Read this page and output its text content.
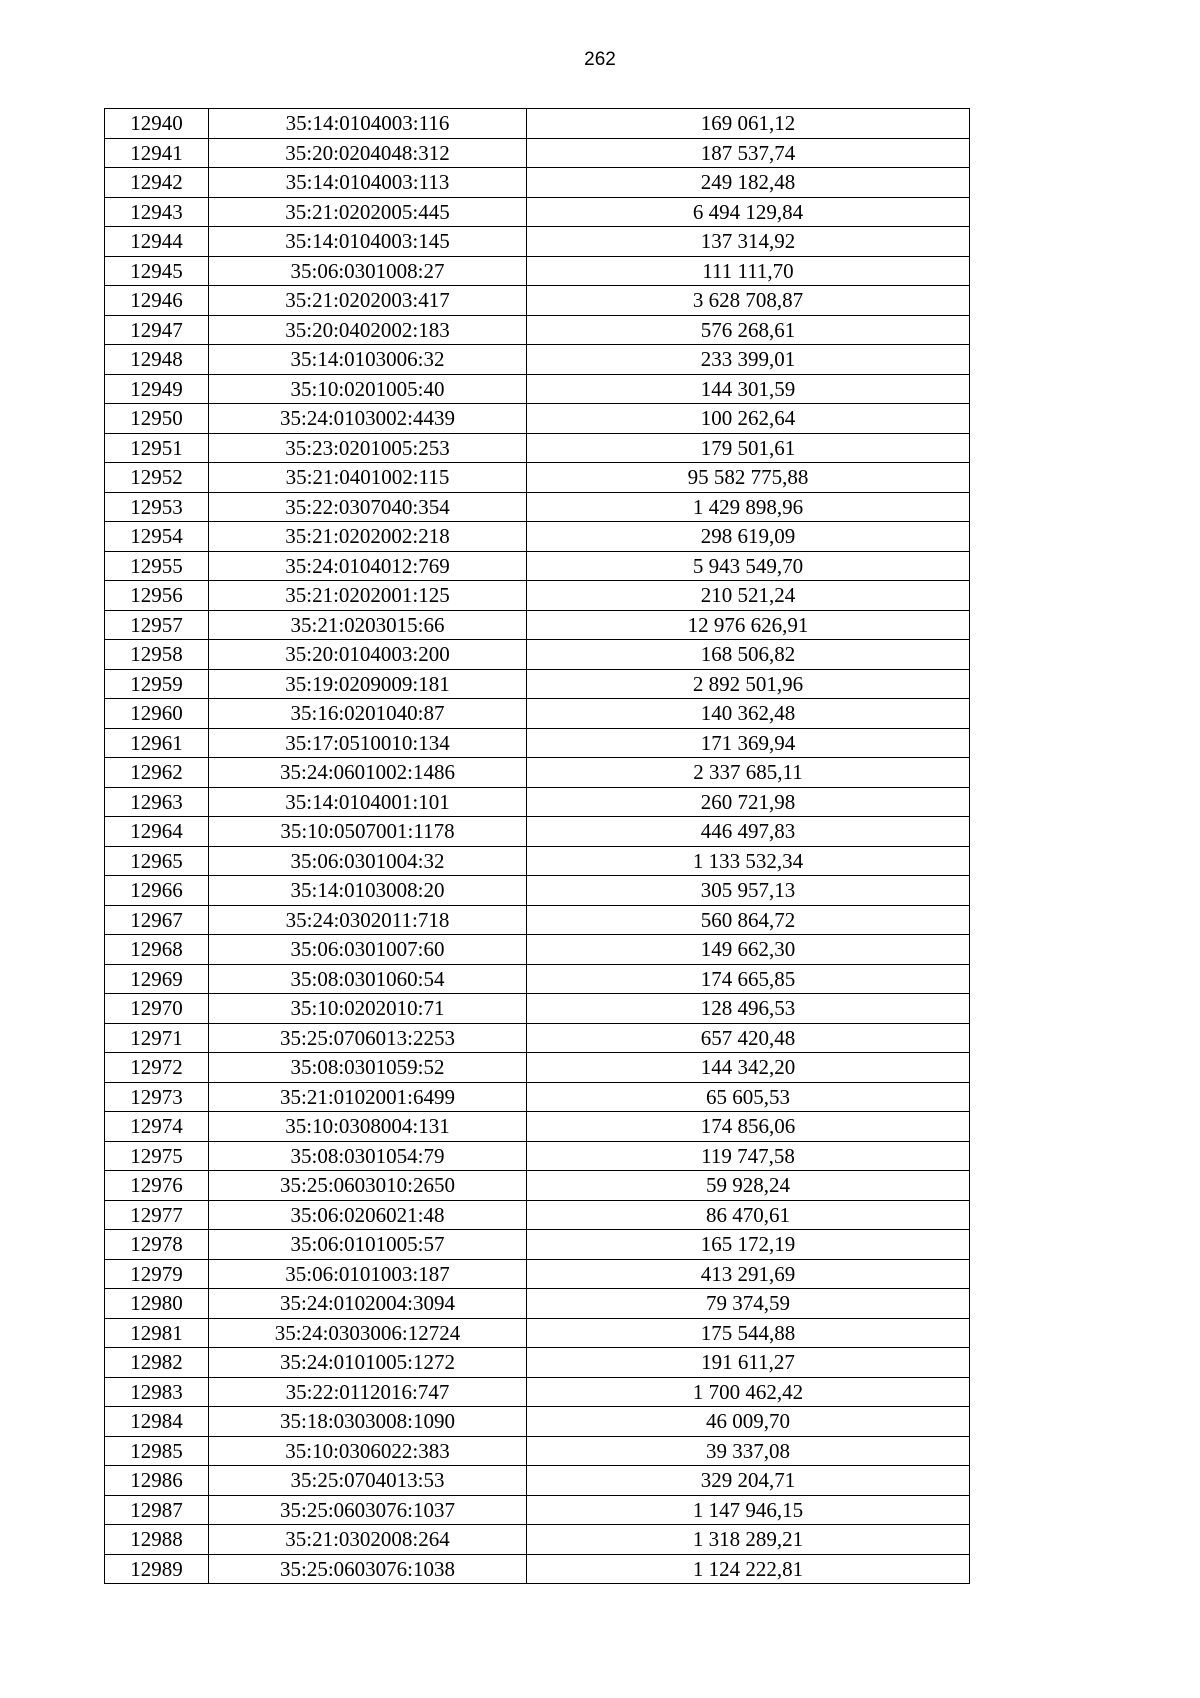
262
12940	35:14:0104003:116	169 061,12
12941	35:20:0204048:312	187 537,74
12942	35:14:0104003:113	249 182,48
12943	35:21:0202005:445	6 494 129,84
12944	35:14:0104003:145	137 314,92
12945	35:06:0301008:27	111 111,70
12946	35:21:0202003:417	3 628 708,87
12947	35:20:0402002:183	576 268,61
12948	35:14:0103006:32	233 399,01
12949	35:10:0201005:40	144 301,59
12950	35:24:0103002:4439	100 262,64
12951	35:23:0201005:253	179 501,61
12952	35:21:0401002:115	95 582 775,88
12953	35:22:0307040:354	1 429 898,96
12954	35:21:0202002:218	298 619,09
12955	35:24:0104012:769	5 943 549,70
12956	35:21:0202001:125	210 521,24
12957	35:21:0203015:66	12 976 626,91
12958	35:20:0104003:200	168 506,82
12959	35:19:0209009:181	2 892 501,96
12960	35:16:0201040:87	140 362,48
12961	35:17:0510010:134	171 369,94
12962	35:24:0601002:1486	2 337 685,11
12963	35:14:0104001:101	260 721,98
12964	35:10:0507001:1178	446 497,83
12965	35:06:0301004:32	1 133 532,34
12966	35:14:0103008:20	305 957,13
12967	35:24:0302011:718	560 864,72
12968	35:06:0301007:60	149 662,30
12969	35:08:0301060:54	174 665,85
12970	35:10:0202010:71	128 496,53
12971	35:25:0706013:2253	657 420,48
12972	35:08:0301059:52	144 342,20
12973	35:21:0102001:6499	65 605,53
12974	35:10:0308004:131	174 856,06
12975	35:08:0301054:79	119 747,58
12976	35:25:0603010:2650	59 928,24
12977	35:06:0206021:48	86 470,61
12978	35:06:0101005:57	165 172,19
12979	35:06:0101003:187	413 291,69
12980	35:24:0102004:3094	79 374,59
12981	35:24:0303006:12724	175 544,88
12982	35:24:0101005:1272	191 611,27
12983	35:22:0112016:747	1 700 462,42
12984	35:18:0303008:1090	46 009,70
12985	35:10:0306022:383	39 337,08
12986	35:25:0704013:53	329 204,71
12987	35:25:0603076:1037	1 147 946,15
12988	35:21:0302008:264	1 318 289,21
12989	35:25:0603076:1038	1 124 222,81
